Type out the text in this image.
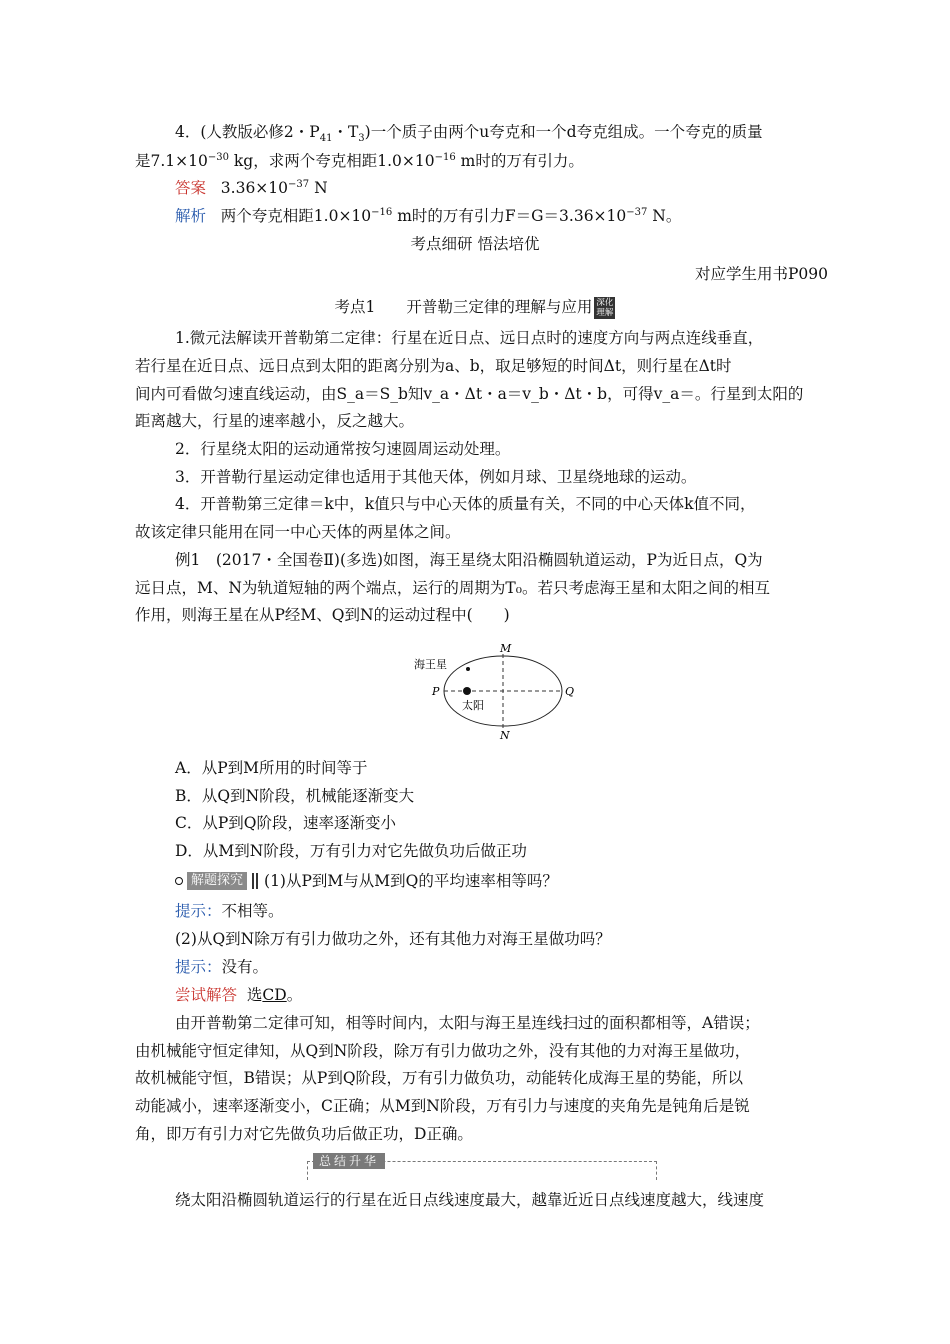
4．(人教版必修2・$P_{41}$・$T_3$)一个质子由两个u夸克和一个d夸克组成。一个夸克的质量
是$7.1\times 10^{-30}$ kg，求两个夸克相距$1.0\times 10^{-16}$ m时的万有引力。
答案 $3.36\times 10^{-37}$ N
解析 两个夸克相距$1.0\times 10^{-16}$ m时的万有引力$F=G=3.36\times 10^{-37}$ N。
考点细研 悟法培优
对应学生用书P090
考点1　　开普勒三定律的理解与应用 深化
理解
1.微元法解读开普勒第二定律：行星在近日点、远日点时的速度方向与两点连线垂直，
若行星在近日点、远日点到太阳的距离分别为a、b，取足够短的时间Δt，则行星在Δt时
间内可看做匀速直线运动，由S_a＝S_b知v_a・Δt・a＝v_b・Δt・b，可得v_a＝。行星到太阳的
距离越大，行星的速率越小，反之越大。
2．行星绕太阳的运动通常按匀速圆周运动处理。
3．开普勒行星运动定律也适用于其他天体，例如月球、卫星绕地球的运动。
4．开普勒第三定律＝k中，k值只与中心天体的质量有关，不同的中心天体k值不同，
故该定律只能用在同一中心天体的两星体之间。
例1　(2017・全国卷Ⅱ)(多选)如图，海王星绕太阳沿椭圆轨道运动，P为近日点，Q为
远日点，M、N为轨道短轴的两个端点，运行的周期为T₀。若只考虑海王星和太阳之间的相互
作用，则海王星在从P经M、Q到N的运动过程中(　　)
M
N
P	Q
海王星
太阳
A．从P到M所用的时间等于
B．从Q到N阶段，机械能逐渐变大
C．从P到Q阶段，速率逐渐变小
D．从M到N阶段，万有引力对它先做负功后做正功
解题探究 (1)从P到M与从M到Q的平均速率相等吗？
提示：不相等。
(2)从Q到N除万有引力做功之外，还有其他力对海王星做功吗？
提示：没有。
尝试解答 选CD。
由开普勒第二定律可知，相等时间内，太阳与海王星连线扫过的面积都相等，A错误；
由机械能守恒定律知，从Q到N阶段，除万有引力做功之外，没有其他的力对海王星做功，
故机械能守恒，B错误；从P到Q阶段，万有引力做负功，动能转化成海王星的势能，所以
动能减小，速率逐渐变小，C正确；从M到N阶段，万有引力与速度的夹角先是钝角后是锐
角，即万有引力对它先做负功后做正功，D正确。
总结升华
绕太阳沿椭圆轨道运行的行星在近日点线速度最大，越靠近近日点线速度越大，线速度
